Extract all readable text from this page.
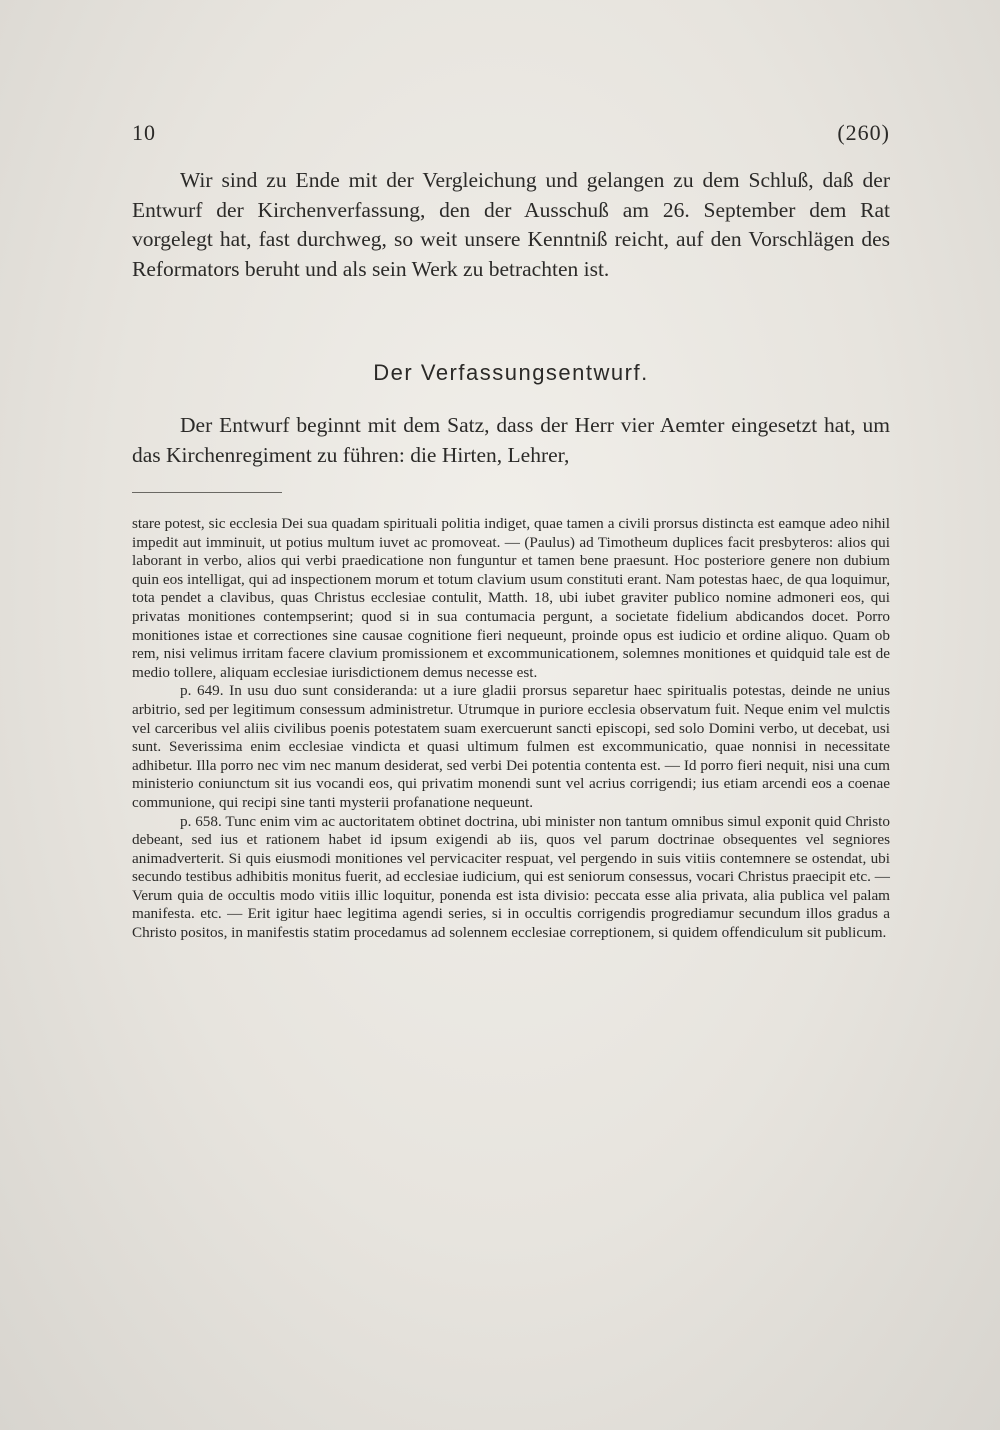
10	(260)

Wir sind zu Ende mit der Vergleichung und gelangen zu dem Schluß, daß der Entwurf der Kirchenverfassung, den der Ausschuß am 26. September dem Rat vorgelegt hat, fast durchweg, so weit unsere Kenntniß reicht, auf den Vorschlägen des Reformators beruht und als sein Werk zu betrachten ist.

Der Verfassungsentwurf.

Der Entwurf beginnt mit dem Satz, dass der Herr vier Aemter eingesetzt hat, um das Kirchenregiment zu führen: die Hirten, Lehrer,

stare potest, sic ecclesia Dei sua quadam spirituali politia indiget, quae tamen a civili prorsus distincta est eamque adeo nihil impedit aut imminuit, ut potius multum iuvet ac promoveat. — (Paulus) ad Timotheum duplices facit presbyteros: alios qui laborant in verbo, alios qui verbi praedicatione non funguntur et tamen bene praesunt. Hoc posteriore genere non dubium quin eos intelligat, qui ad inspectionem morum et totum clavium usum constituti erant. Nam potestas haec, de qua loquimur, tota pendet a clavibus, quas Christus ecclesiae contulit, Matth. 18, ubi iubet graviter publico nomine admoneri eos, qui privatas monitiones contempserint; quod si in sua contumacia pergunt, a societate fidelium abdicandos docet. Porro monitiones istae et correctiones sine causae cognitione fieri nequeunt, proinde opus est iudicio et ordine aliquo. Quam ob rem, nisi velimus irritam facere clavium promissionem et excommunicationem, solemnes monitiones et quidquid tale est de medio tollere, aliquam ecclesiae iurisdictionem demus necesse est.

p. 649. In usu duo sunt consideranda: ut a iure gladii prorsus separetur haec spiritualis potestas, deinde ne unius arbitrio, sed per legitimum consessum administretur. Utrumque in puriore ecclesia observatum fuit. Neque enim vel mulctis vel carceribus vel aliis civilibus poenis potestatem suam exercuerunt sancti episcopi, sed solo Domini verbo, ut decebat, usi sunt. Severissima enim ecclesiae vindicta et quasi ultimum fulmen est excommunicatio, quae nonnisi in necessitate adhibetur. Illa porro nec vim nec manum desiderat, sed verbi Dei potentia contenta est. — Id porro fieri nequit, nisi una cum ministerio coniunctum sit ius vocandi eos, qui privatim monendi sunt vel acrius corrigendi; ius etiam arcendi eos a coenae communione, qui recipi sine tanti mysterii profanatione nequeunt.

p. 658. Tunc enim vim ac auctoritatem obtinet doctrina, ubi minister non tantum omnibus simul exponit quid Christo debeant, sed ius et rationem habet id ipsum exigendi ab iis, quos vel parum doctrinae obsequentes vel segniores animadverterit. Si quis eiusmodi monitiones vel pervicaciter respuat, vel pergendo in suis vitiis contemnere se ostendat, ubi secundo testibus adhibitis monitus fuerit, ad ecclesiae iudicium, qui est seniorum consessus, vocari Christus praecipit etc. — Verum quia de occultis modo vitiis illic loquitur, ponenda est ista divisio: peccata esse alia privata, alia publica vel palam manifesta. etc. — Erit igitur haec legitima agendi series, si in occultis corrigendis progrediamur secundum illos gradus a Christo positos, in manifestis statim procedamus ad solennem ecclesiae correptionem, si quidem offendiculum sit publicum.
